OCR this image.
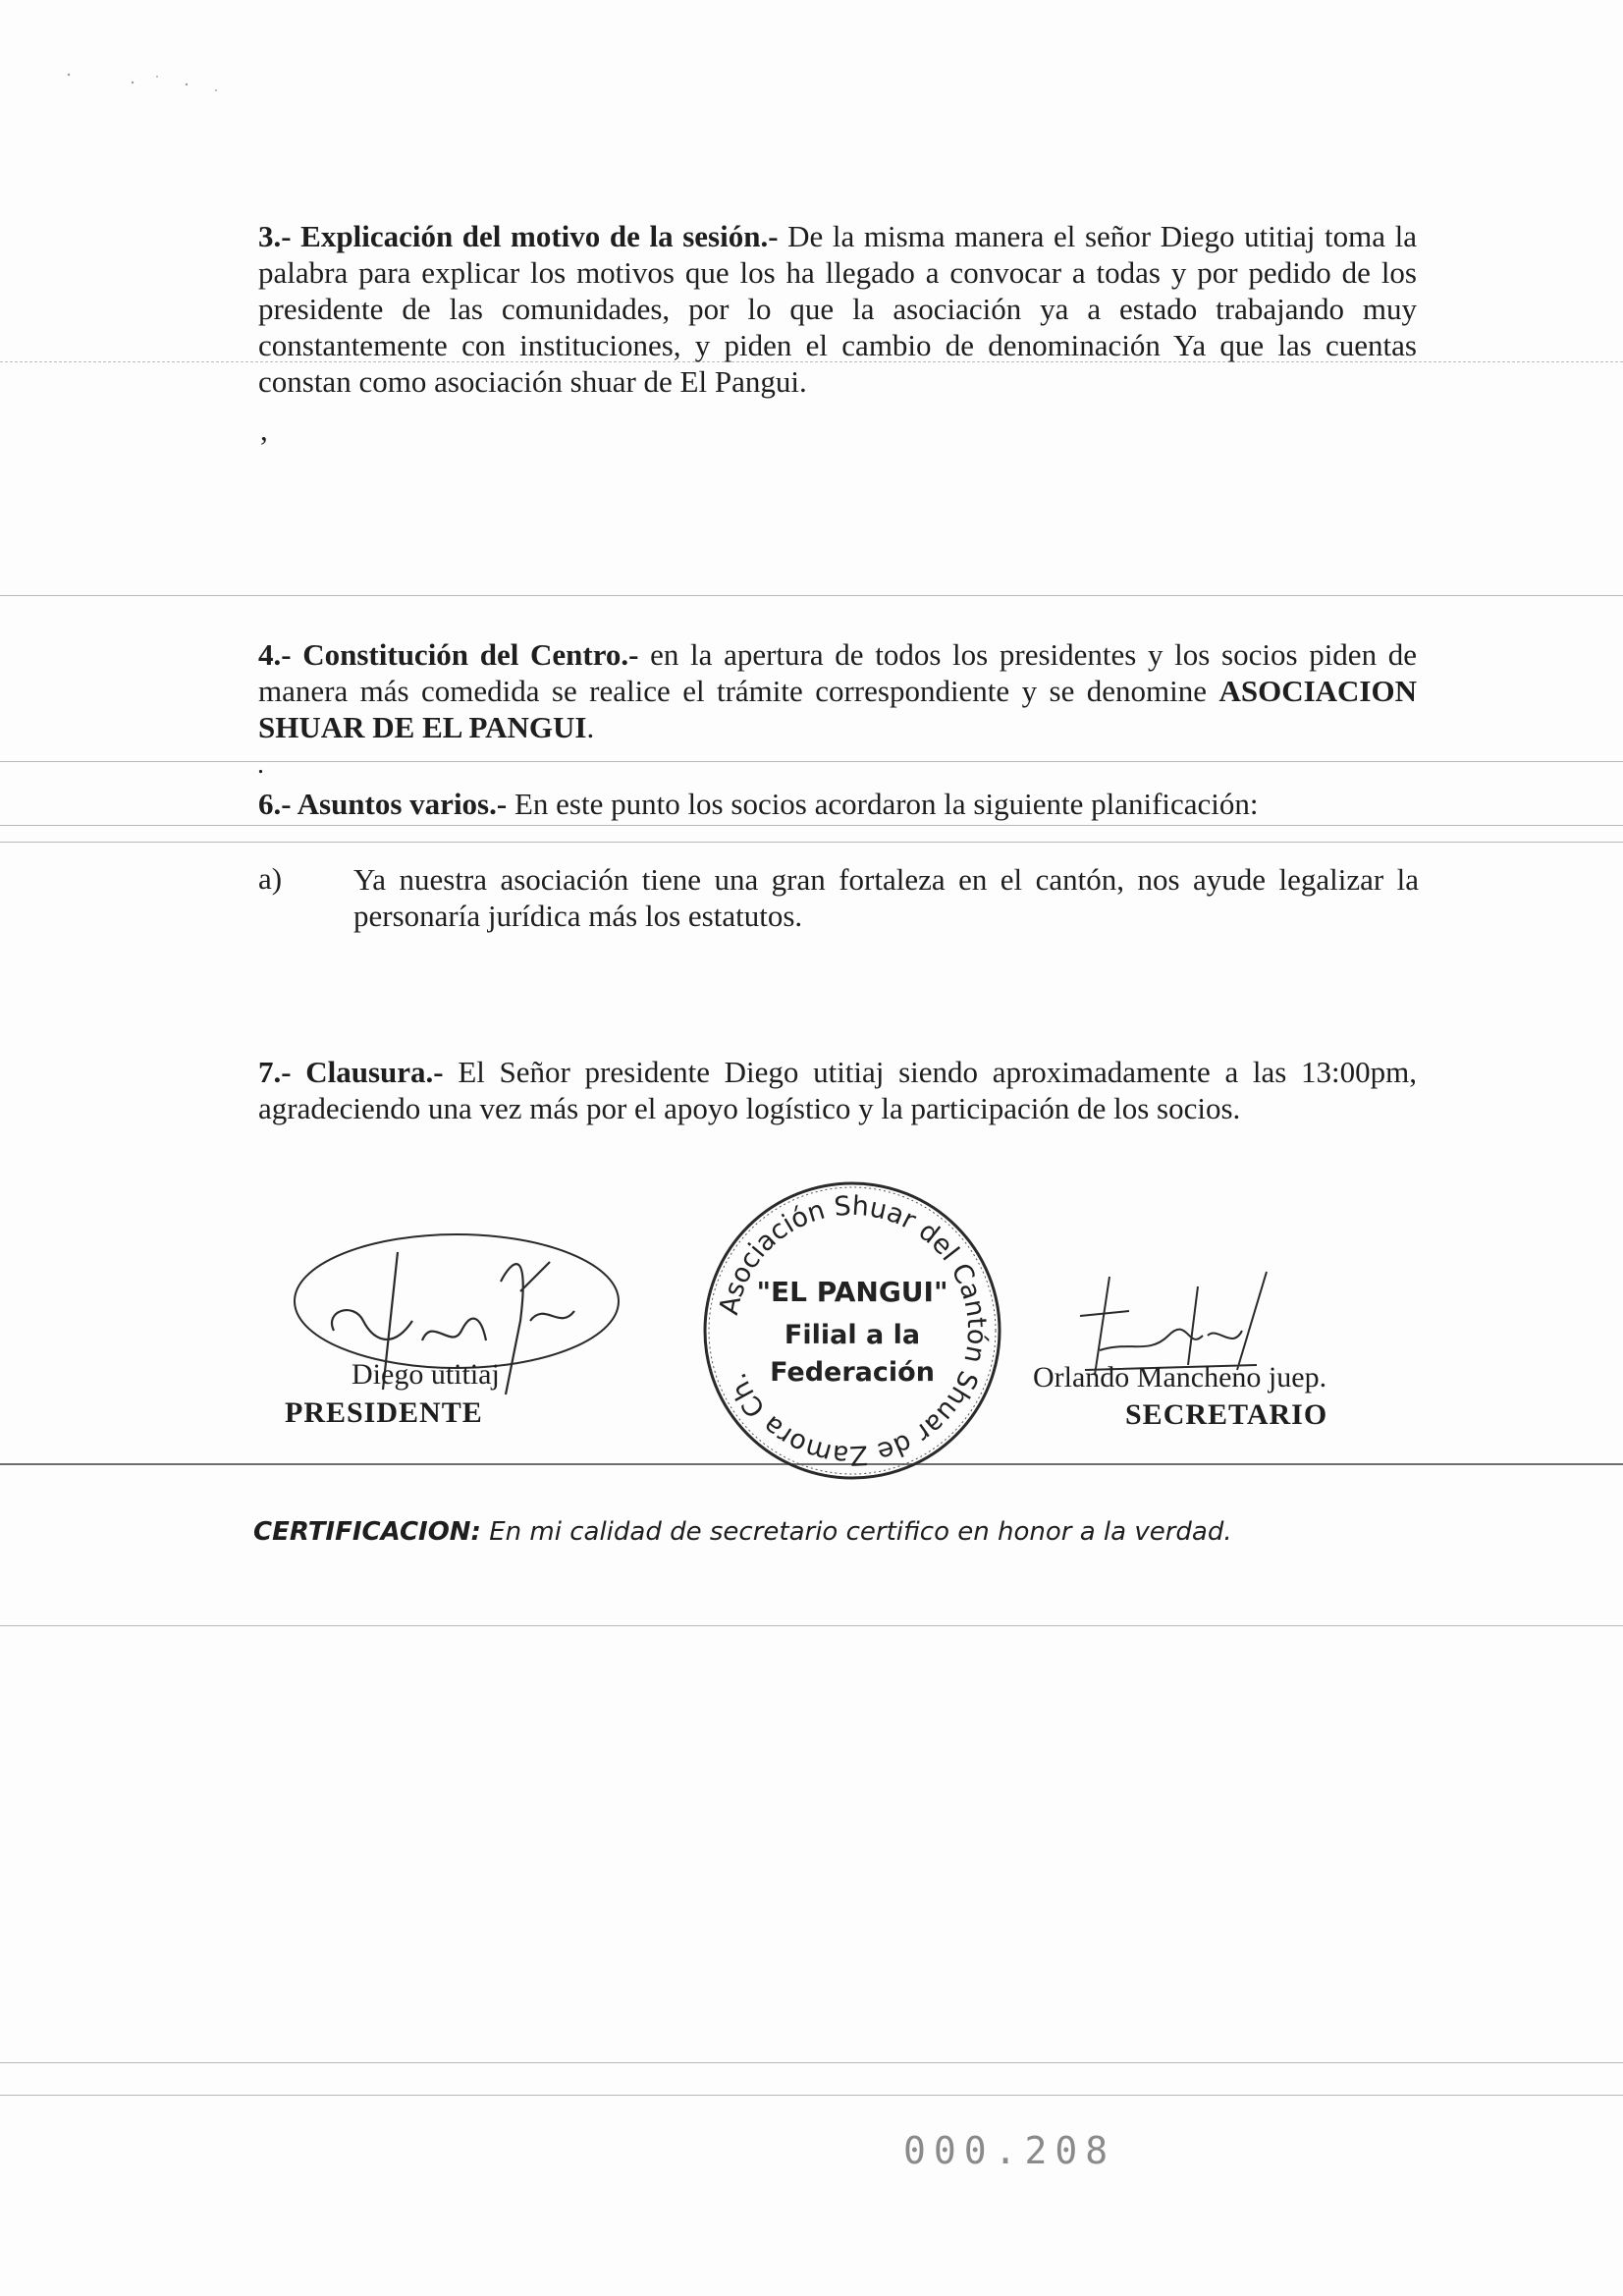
3.- Explicación del motivo de la sesión.- De la misma manera el señor Diego utitiaj toma la palabra para explicar los motivos que los ha llegado a convocar a todas y por pedido de los presidente de las comunidades, por lo que la asociación ya a estado trabajando muy constantemente con instituciones, y piden el cambio de denominación Ya que las cuentas constan como asociación shuar de El Pangui.
,
4.- Constitución del Centro.- en la apertura de todos los presidentes y los socios piden de manera más comedida se realice el trámite correspondiente y se denomine ASOCIACION SHUAR DE EL PANGUI.
.
6.- Asuntos varios.- En este punto los socios acordaron la siguiente planificación:
a) Ya nuestra asociación tiene una gran fortaleza en el cantón, nos ayude legalizar la personaría jurídica más los estatutos.
7.- Clausura.- El Señor presidente Diego utitiaj siendo aproximadamente a las 13:00pm, agradeciendo una vez más por el apoyo logístico y la participación de los socios.
Diego utitiaj
PRESIDENTE
Asociación Shuar del Cantón Shuar de Zamora Ch.
"EL PANGUI"
Filial a la
Federación	Orlando Mancheno juep.
SECRETARIO
CERTIFICACION: En mi calidad de secretario certifico en honor a la verdad.
000.208
